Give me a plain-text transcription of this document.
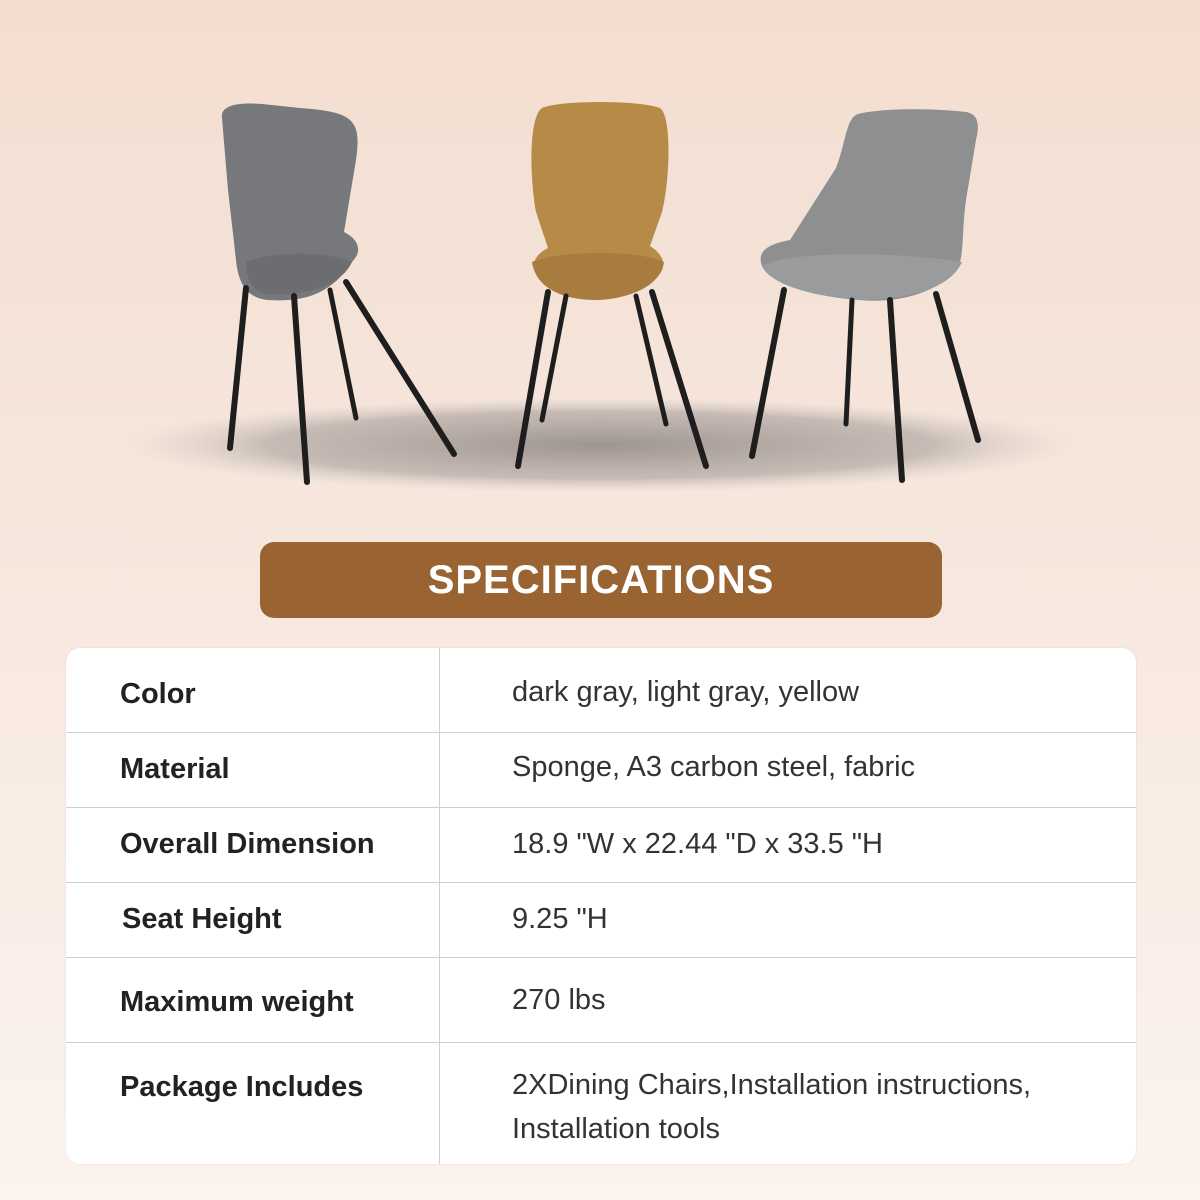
SPECIFICATIONS
Color	dark gray, light gray, yellow
Material	Sponge, A3 carbon steel, fabric
Overall Dimension	18.9 "W x 22.44 "D x 33.5 "H
Seat Height	9.25 "H
Maximum weight	270 lbs
Package Includes	2XDining Chairs,Installation instructions,
Installation tools
